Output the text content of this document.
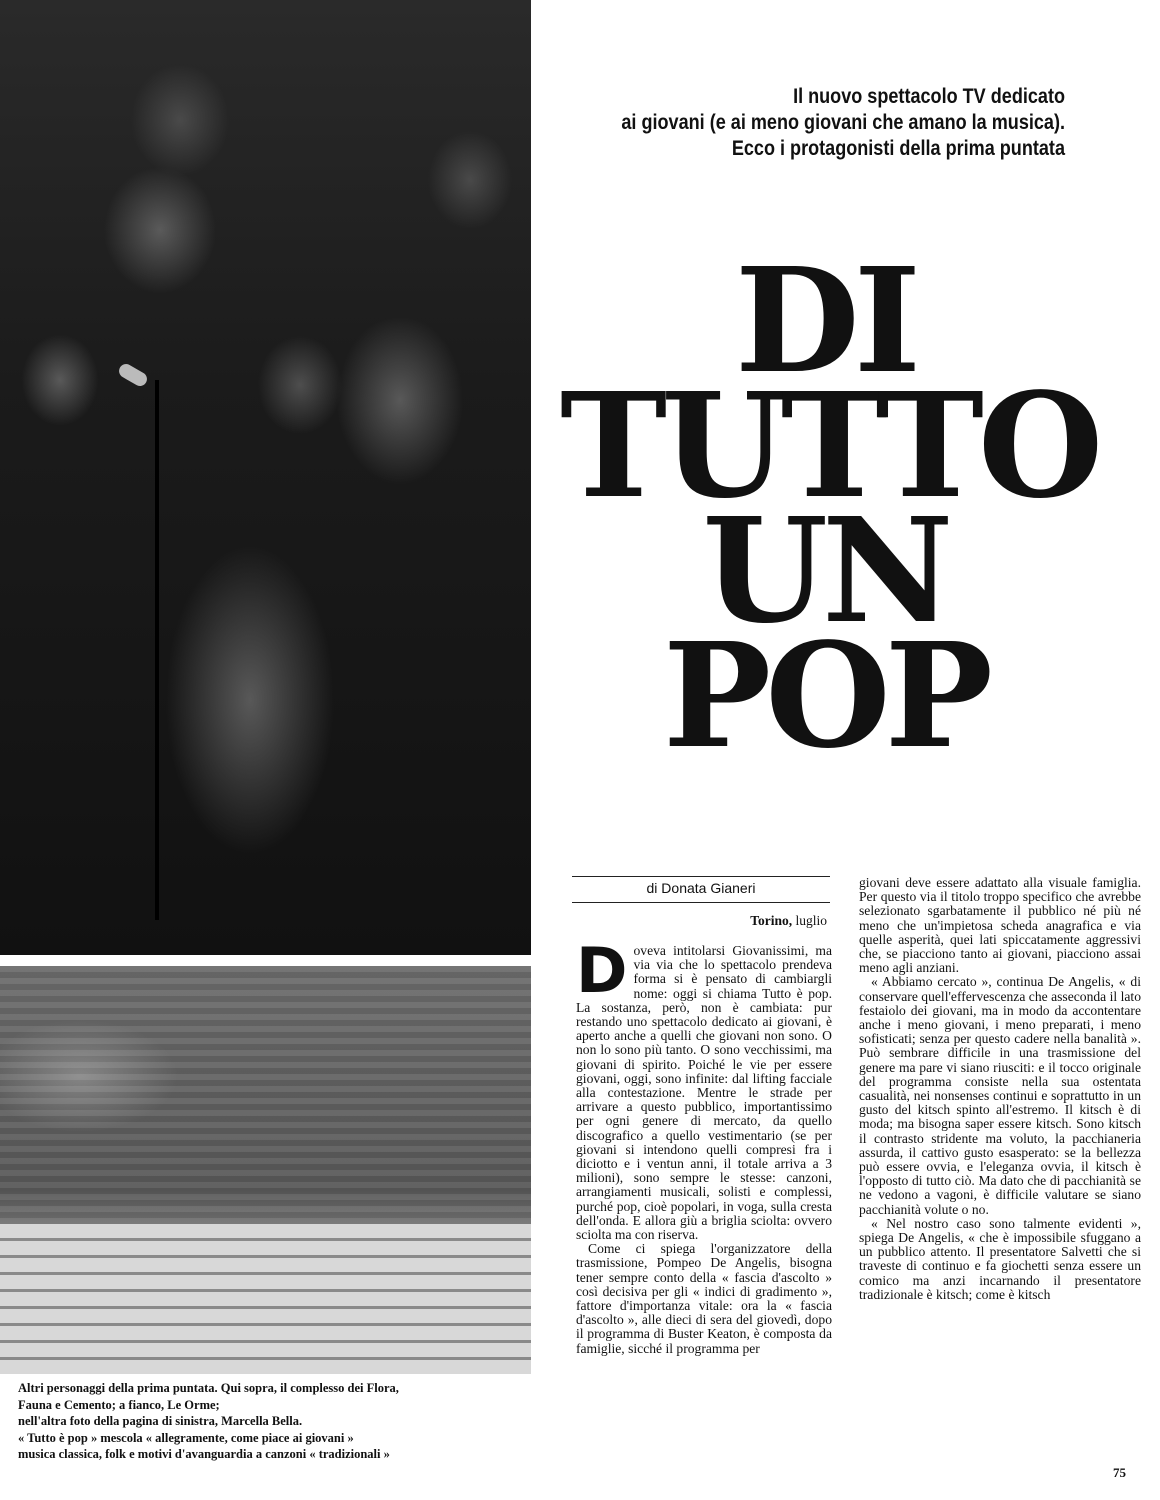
Altri personaggi della prima puntata. Qui sopra, il complesso dei Flora,
Fauna e Cemento; a fianco, Le Orme;
nell'altra foto della pagina di sinistra, Marcella Bella.
« Tutto è pop » mescola « allegramente, come piace ai giovani »
musica classica, folk e motivi d'avanguardia a canzoni « tradizionali »
Il nuovo spettacolo TV dedicato
ai giovani (e ai meno giovani che amano la musica).
Ecco i protagonisti della prima puntata
DI
TUTTO
UN
POP
di Donata Gianeri
Torino, luglio

Doveva intitolarsi Giovanissimi, ma via via che lo spettacolo prendeva forma si è pensato di cambiargli nome: oggi si chiama Tutto è pop. La sostanza, però, non è cambiata: pur restando uno spettacolo dedicato ai giovani, è aperto anche a quelli che giovani non sono. O non lo sono più tanto. O sono vecchissimi, ma giovani di spirito. Poiché le vie per essere giovani, oggi, sono infinite: dal lifting facciale alla contestazione. Mentre le strade per arrivare a questo pubblico, importantissimo per ogni genere di mercato, da quello discografico a quello vestimentario (se per giovani si intendono quelli compresi fra i diciotto e i ventun anni, il totale arriva a 3 milioni), sono sempre le stesse: canzoni, arrangiamenti musicali, solisti e complessi, purché pop, cioè popolari, in voga, sulla cresta dell'onda. E allora giù a briglia sciolta: ovvero sciolta ma con riserva.

Come ci spiega l'organizzatore della trasmissione, Pompeo De Angelis, bisogna tener sempre conto della « fascia d'ascolto » così decisiva per gli « indici di gradimento », fattore d'importanza vitale: ora la « fascia d'ascolto », alle dieci di sera del giovedì, dopo il programma di Buster Keaton, è composta da famiglie, sicché il programma per

giovani deve essere adattato alla visuale famiglia. Per questo via il titolo troppo specifico che avrebbe selezionato sgarbatamente il pubblico né più né meno che un'impietosa scheda anagrafica e via quelle asperità, quei lati spiccatamente aggressivi che, se piacciono tanto ai giovani, piacciono assai meno agli anziani.

« Abbiamo cercato », continua De Angelis, « di conservare quell'effervescenza che asseconda il lato festaiolo dei giovani, ma in modo da accontentare anche i meno giovani, i meno preparati, i meno sofisticati; senza per questo cadere nella banalità ». Può sembrare difficile in una trasmissione del genere ma pare vi siano riusciti: e il tocco originale del programma consiste nella sua ostentata casualità, nei nonsenses continui e soprattutto in un gusto del kitsch spinto all'estremo. Il kitsch è di moda; ma bisogna saper essere kitsch. Sono kitsch il contrasto stridente ma voluto, la pacchianeria assurda, il cattivo gusto esasperato: se la bellezza può essere ovvia, e l'eleganza ovvia, il kitsch è l'opposto di tutto ciò. Ma dato che di pacchianità se ne vedono a vagoni, è difficile valutare se siano pacchianità volute o no.

« Nel nostro caso sono talmente evidenti », spiega De Angelis, « che è impossibile sfuggano a un pubblico attento. Il presentatore Salvetti che si traveste di continuo e fa giochetti senza essere un comico ma anzi incarnando il presentatore tradizionale è kitsch; come è kitsch

75
